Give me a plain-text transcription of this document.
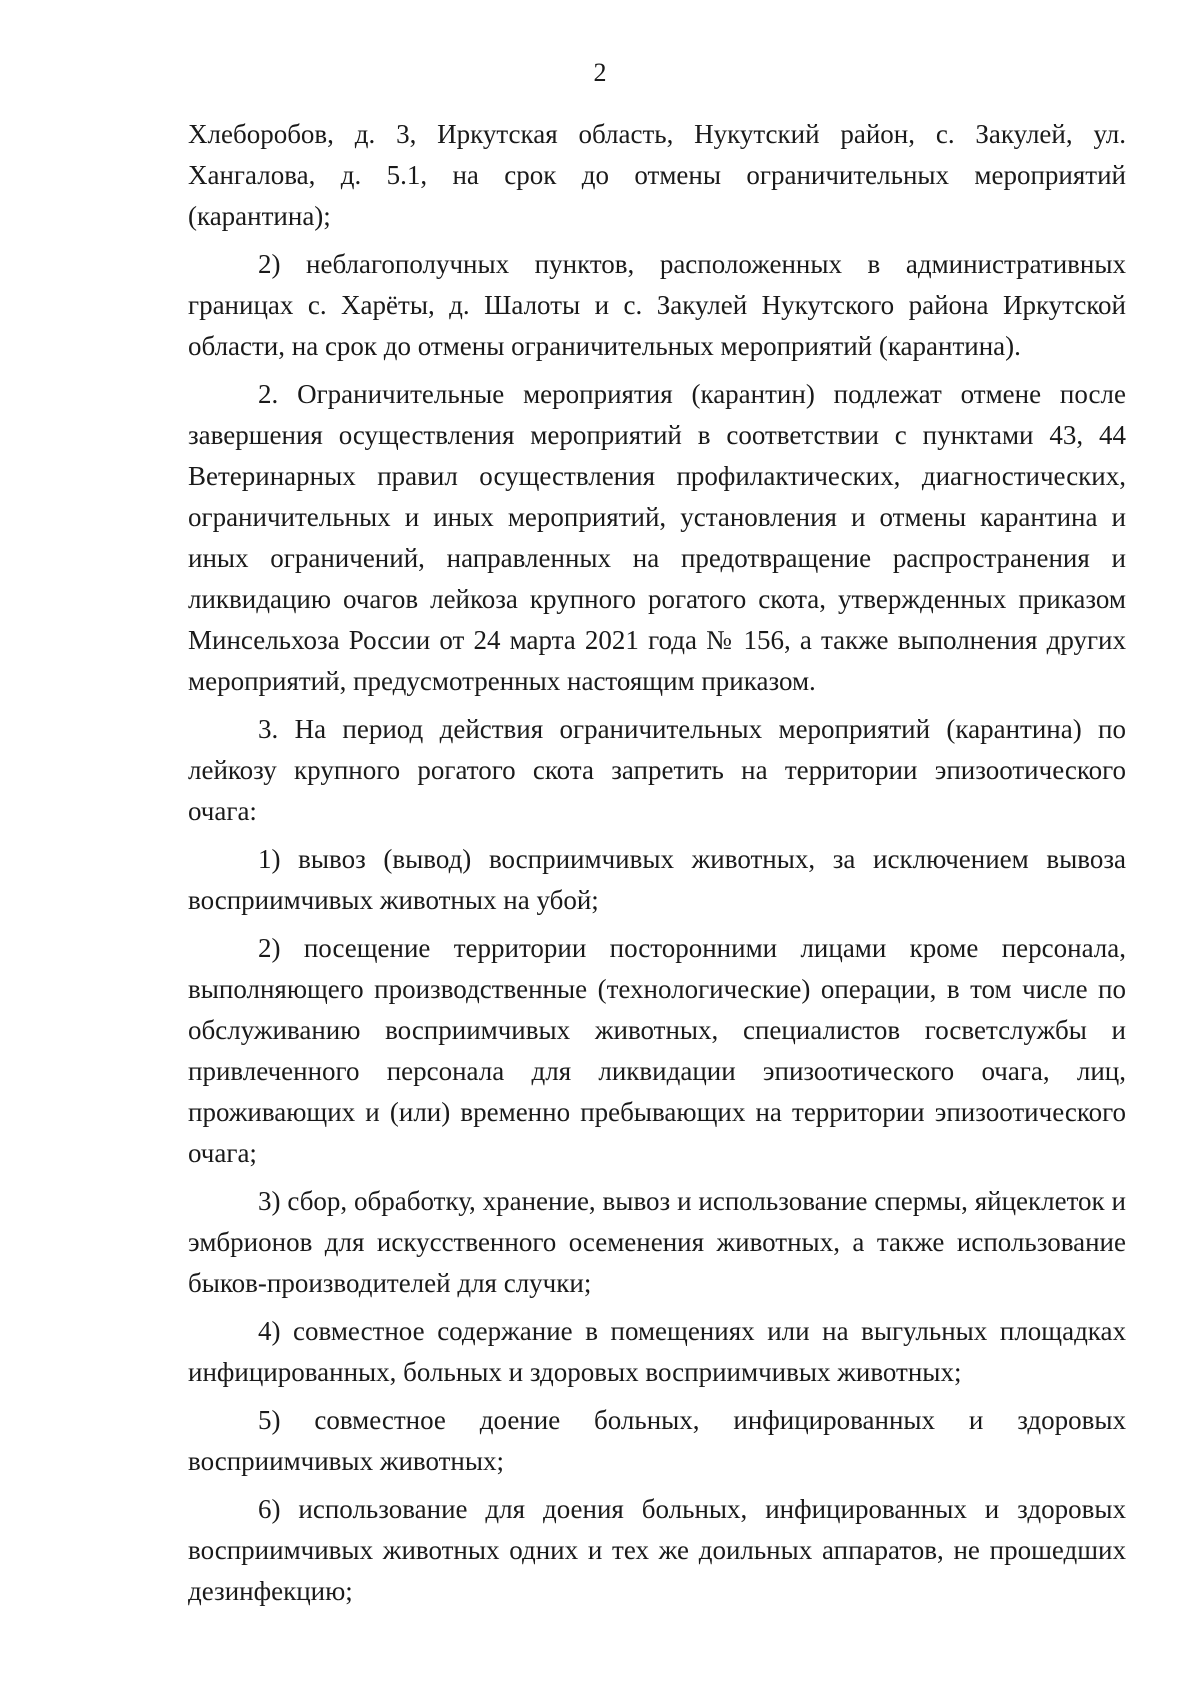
2

Хлеборобов, д. 3, Иркутская область, Нукутский район, с. Закулей, ул. Хангалова, д. 5.1, на срок до отмены ограничительных мероприятий (карантина);

2) неблагополучных пунктов, расположенных в административных границах с. Харёты, д. Шалоты и с. Закулей Нукутского района Иркутской области, на срок до отмены ограничительных мероприятий (карантина).

2. Ограничительные мероприятия (карантин) подлежат отмене после завершения осуществления мероприятий в соответствии с пунктами 43, 44 Ветеринарных правил осуществления профилактических, диагностических, ограничительных и иных мероприятий, установления и отмены карантина и иных ограничений, направленных на предотвращение распространения и ликвидацию очагов лейкоза крупного рогатого скота, утвержденных приказом Минсельхоза России от 24 марта 2021 года № 156, а также выполнения других мероприятий, предусмотренных настоящим приказом.

3. На период действия ограничительных мероприятий (карантина) по лейкозу крупного рогатого скота запретить на территории эпизоотического очага:

1) вывоз (вывод) восприимчивых животных, за исключением вывоза восприимчивых животных на убой;

2) посещение территории посторонними лицами кроме персонала, выполняющего производственные (технологические) операции, в том числе по обслуживанию восприимчивых животных, специалистов госветслужбы и привлеченного персонала для ликвидации эпизоотического очага, лиц, проживающих и (или) временно пребывающих на территории эпизоотического очага;

3) сбор, обработку, хранение, вывоз и использование спермы, яйцеклеток и эмбрионов для искусственного осеменения животных, а также использование быков-производителей для случки;

4) совместное содержание в помещениях или на выгульных площадках инфицированных, больных и здоровых восприимчивых животных;

5) совместное доение больных, инфицированных и здоровых восприимчивых животных;

6) использование для доения больных, инфицированных и здоровых восприимчивых животных одних и тех же доильных аппаратов, не прошедших дезинфекцию;
